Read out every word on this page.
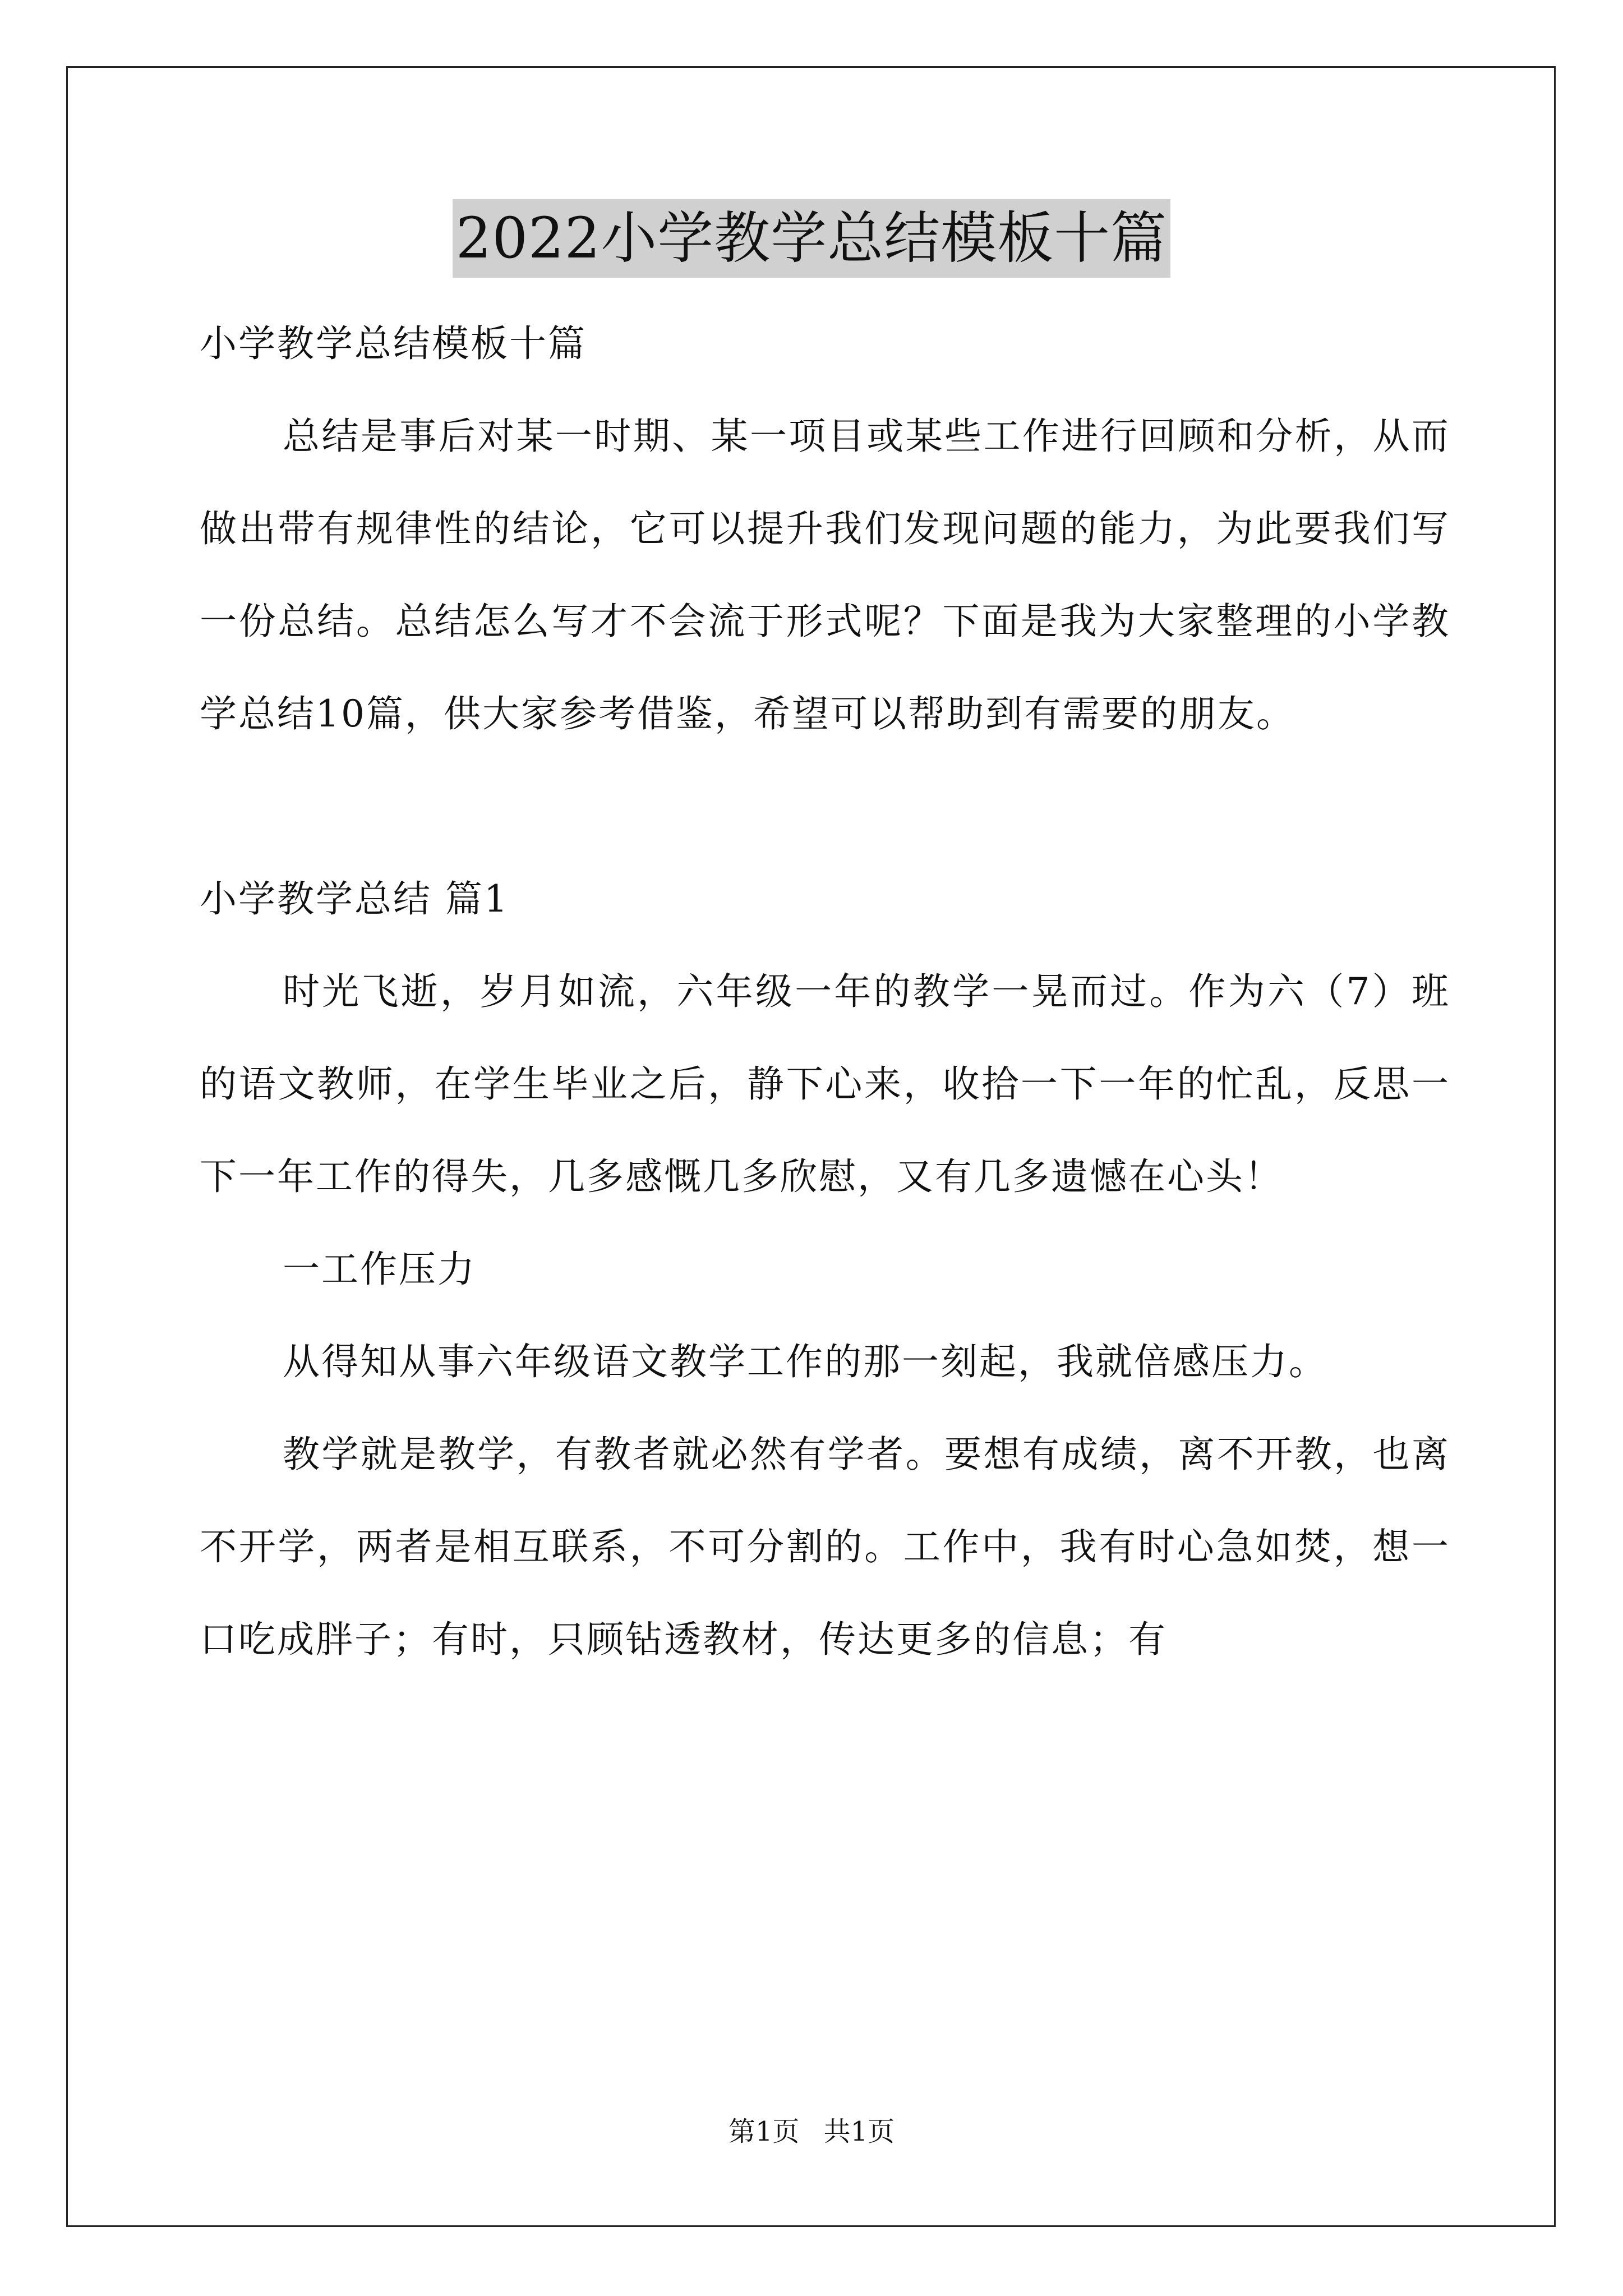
2022小学教学总结模板十篇

小学教学总结模板十篇

总结是事后对某一时期、某一项目或某些工作进行回顾和分析，从而做出带有规律性的结论，它可以提升我们发现问题的能力，为此要我们写一份总结。总结怎么写才不会流于形式呢？下面是我为大家整理的小学教学总结10篇，供大家参考借鉴，希望可以帮助到有需要的朋友。

小学教学总结 篇1

时光飞逝，岁月如流，六年级一年的教学一晃而过。作为六（7）班的语文教师，在学生毕业之后，静下心来，收拾一下一年的忙乱，反思一下一年工作的得失，几多感慨几多欣慰，又有几多遗憾在心头！

一工作压力

从得知从事六年级语文教学工作的那一刻起，我就倍感压力。

教学就是教学，有教者就必然有学者。要想有成绩，离不开教，也离不开学，两者是相互联系，不可分割的。工作中，我有时心急如焚，想一口吃成胖子；有时，只顾钻透教材，传达更多的信息；有

第1页 共1页
